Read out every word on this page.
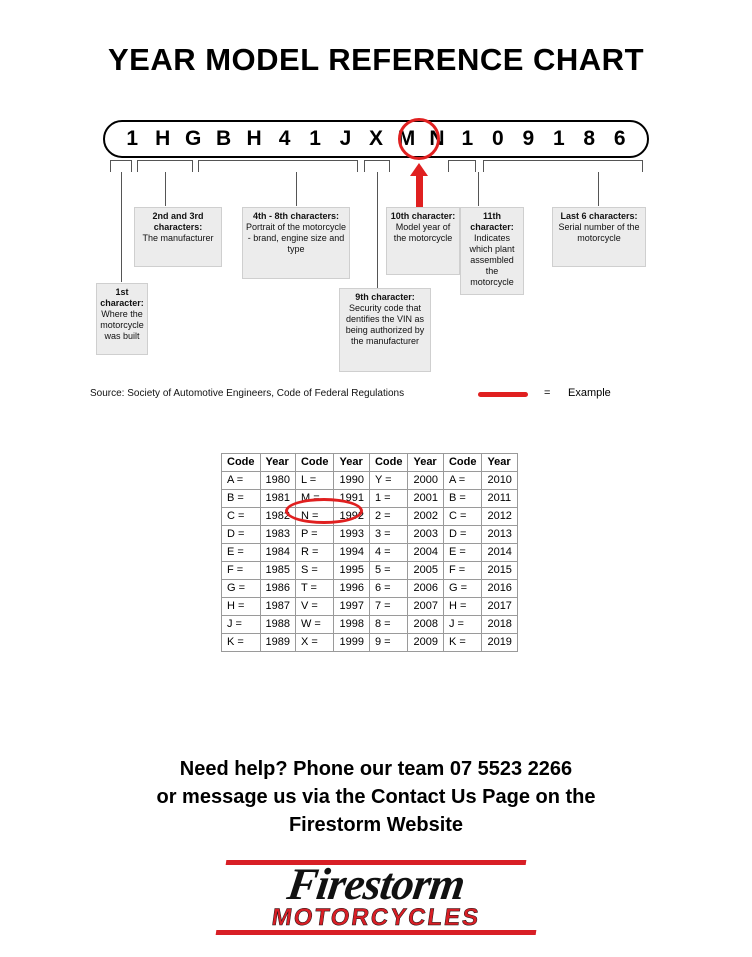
YEAR MODEL REFERENCE CHART
1 H G B H 4 1 J X M N 1 0 9 1 8 6
1st character:
Where the motorcycle was built
2nd and 3rd characters:
The manufacturer
4th - 8th characters:
Portrait of the motorcycle - brand, engine size and type
9th character:
Security code that dentifies the VIN as being authorized by the manufacturer
10th character:
Model year of the motorcycle
11th character:
Indicates which plant assembled the motorcycle
Last 6 characters:
Serial number of the motorcycle
Source: Society of Automotive Engineers, Code of Federal Regulations	= Example
Code	Year	Code	Year	Code	Year	Code	Year
A =	1980	L =	1990	Y =	2000	A =	2010
B =	1981	M =	1991	1 =	2001	B =	2011
C =	1982	N =	1992	2 =	2002	C =	2012
D =	1983	P =	1993	3 =	2003	D =	2013
E =	1984	R =	1994	4 =	2004	E =	2014
F =	1985	S =	1995	5 =	2005	F =	2015
G =	1986	T =	1996	6 =	2006	G =	2016
H =	1987	V =	1997	7 =	2007	H =	2017
J =	1988	W =	1998	8 =	2008	J =	2018
K =	1989	X =	1999	9 =	2009	K =	2019
Need help? Phone our team 07 5523 2266
or message us via the Contact Us Page on the
Firestorm Website
Firestorm
MOTORCYCLES
